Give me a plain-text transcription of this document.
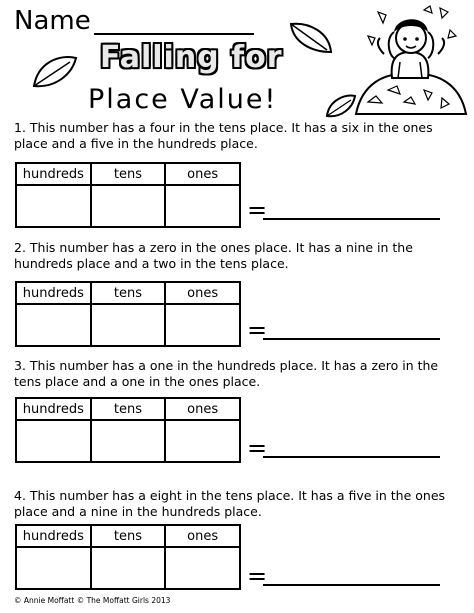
Name
Falling for
Place Value!
1. This number has a four in the tens place. It has a six in the ones place and a five in the hundreds place.
hundreds	tens	ones

=
2. This number has a zero in the ones place. It has a nine in the hundreds place and a two in the tens place.
hundreds	tens	ones

=
3. This number has a one in the hundreds place. It has a zero in the tens place and a one in the ones place.
hundreds	tens	ones

=
4. This number has a eight in the tens place. It has a five in the ones place and a nine in the hundreds place.
hundreds	tens	ones

=
© Annie Moffatt © The Moffatt Girls 2013
